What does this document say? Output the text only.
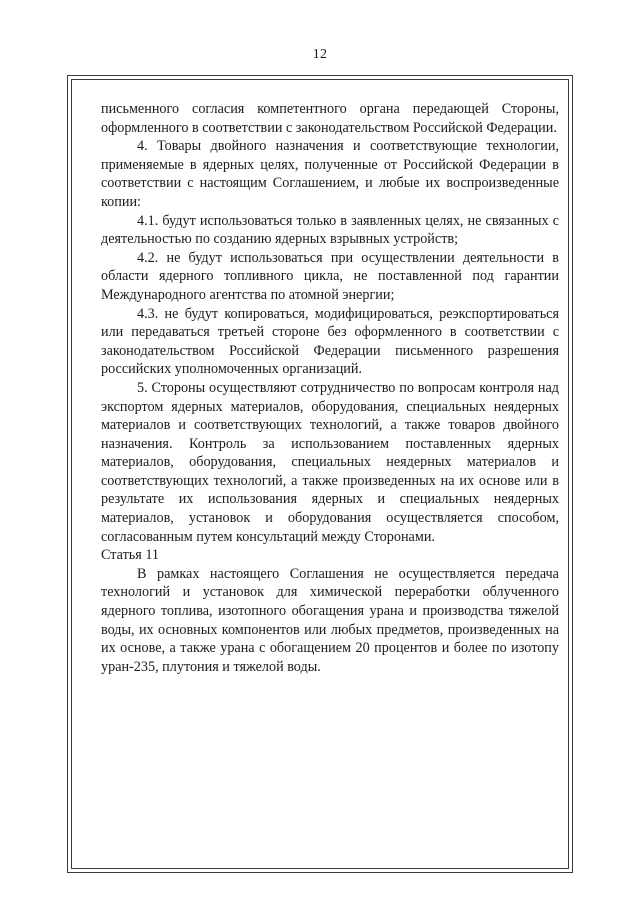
12

письменного согласия компетентного органа передающей Стороны, оформленного в соответствии с законодательством Российской Федерации.

4. Товары двойного назначения и соответствующие технологии, применяемые в ядерных целях, полученные от Российской Федерации в соответствии с настоящим Соглашением, и любые их воспроизведенные копии:

4.1. будут использоваться только в заявленных целях, не связанных с деятельностью по созданию ядерных взрывных устройств;

4.2. не будут использоваться при осуществлении деятельности в области ядерного топливного цикла, не поставленной под гарантии Международного агентства по атомной энергии;

4.3. не будут копироваться, модифицироваться, реэкспортироваться или передаваться третьей стороне без оформленного в соответствии с законодательством Российской Федерации письменного разрешения российских уполномоченных организаций.

5. Стороны осуществляют сотрудничество по вопросам контроля над экспортом ядерных материалов, оборудования, специальных неядерных материалов и соответствующих технологий, а также товаров двойного назначения. Контроль за использованием поставленных ядерных материалов, оборудования, специальных неядерных материалов и соответствующих технологий, а также произведенных на их основе или в результате их использования ядерных и специальных неядерных материалов, установок и оборудования осуществляется способом, согласованным путем консультаций между Сторонами.

Статья 11

В рамках настоящего Соглашения не осуществляется передача технологий и установок для химической переработки облученного ядерного топлива, изотопного обогащения урана и производства тяжелой воды, их основных компонентов или любых предметов, произведенных на их основе, а также урана с обогащением 20 процентов и более по изотопу уран-235, плутония и тяжелой воды.
